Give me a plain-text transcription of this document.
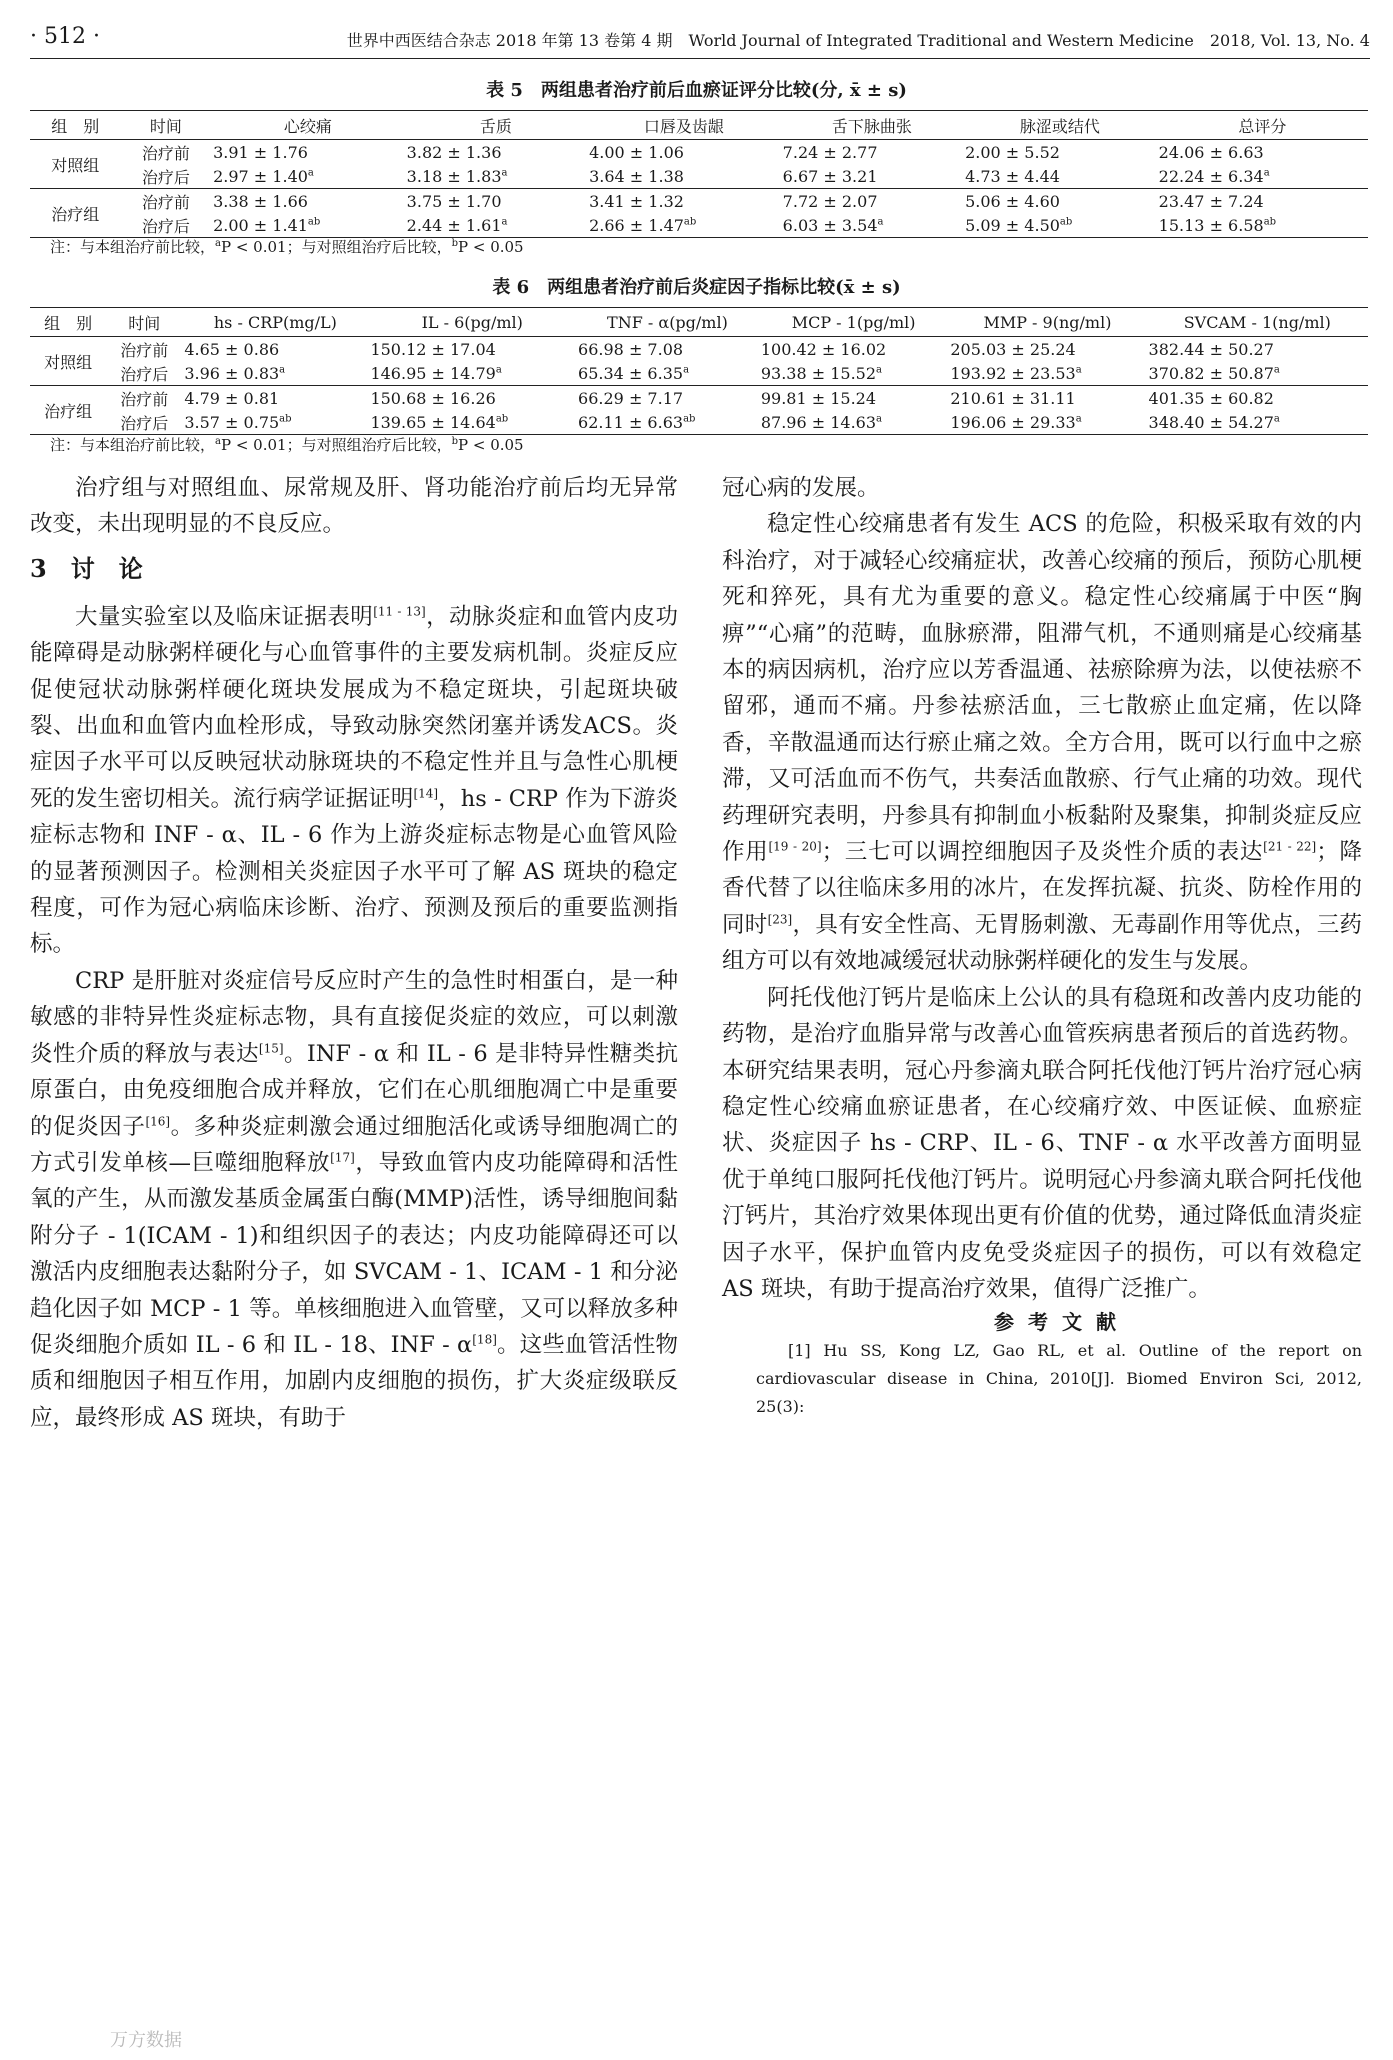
· 512 ·	世界中西医结合杂志 2018 年第 13 卷第 4 期　World Journal of Integrated Traditional and Western Medicine　2018, Vol. 13, No. 4
表 5　两组患者治疗前后血瘀证评分比较(分, x̄ ± s)
组　别	时间	心绞痛	舌质	口唇及齿龈	舌下脉曲张	脉涩或结代	总评分
对照组	治疗前	3.91 ± 1.76	3.82 ± 1.36	4.00 ± 1.06	7.24 ± 2.77	2.00 ± 5.52	24.06 ± 6.63
	治疗后	2.97 ± 1.40$^a$	3.18 ± 1.83$^a$	3.64 ± 1.38	6.67 ± 3.21	4.73 ± 4.44	22.24 ± 6.34$^a$
治疗组	治疗前	3.38 ± 1.66	3.75 ± 1.70	3.41 ± 1.32	7.72 ± 2.07	5.06 ± 4.60	23.47 ± 7.24
	治疗后	2.00 ± 1.41$^{ab}$	2.44 ± 1.61$^a$	2.66 ± 1.47$^{ab}$	6.03 ± 3.54$^a$	5.09 ± 4.50$^{ab}$	15.13 ± 6.58$^{ab}$
注：与本组治疗前比较，$^a$P < 0.01；与对照组治疗后比较，$^b$P < 0.05
表 6　两组患者治疗前后炎症因子指标比较(x̄ ± s)
组　别	时间	hs - CRP(mg/L)	IL - 6(pg/ml)	TNF - α(pg/ml)	MCP - 1(pg/ml)	MMP - 9(ng/ml)	SVCAM - 1(ng/ml)
对照组	治疗前	4.65 ± 0.86	150.12 ± 17.04	66.98 ± 7.08	100.42 ± 16.02	205.03 ± 25.24	382.44 ± 50.27
	治疗后	3.96 ± 0.83$^a$	146.95 ± 14.79$^a$	65.34 ± 6.35$^a$	93.38 ± 15.52$^a$	193.92 ± 23.53$^a$	370.82 ± 50.87$^a$
治疗组	治疗前	4.79 ± 0.81	150.68 ± 16.26	66.29 ± 7.17	99.81 ± 15.24	210.61 ± 31.11	401.35 ± 60.82
	治疗后	3.57 ± 0.75$^{ab}$	139.65 ± 14.64$^{ab}$	62.11 ± 6.63$^{ab}$	87.96 ± 14.63$^a$	196.06 ± 29.33$^a$	348.40 ± 54.27$^a$
注：与本组治疗前比较，$^a$P < 0.01；与对照组治疗后比较，$^b$P < 0.05

治疗组与对照组血、尿常规及肝、肾功能治疗前后均无异常改变，未出现明显的不良反应。

3　讨　论

大量实验室以及临床证据表明[11 - 13]，动脉炎症和血管内皮功能障碍是动脉粥样硬化与心血管事件的主要发病机制。炎症反应促使冠状动脉粥样硬化斑块发展成为不稳定斑块，引起斑块破裂、出血和血管内血栓形成，导致动脉突然闭塞并诱发ACS。炎症因子水平可以反映冠状动脉斑块的不稳定性并且与急性心肌梗死的发生密切相关。流行病学证据证明[14]，hs - CRP 作为下游炎症标志物和 INF - α、IL - 6 作为上游炎症标志物是心血管风险的显著预测因子。检测相关炎症因子水平可了解 AS 斑块的稳定程度，可作为冠心病临床诊断、治疗、预测及预后的重要监测指标。

CRP 是肝脏对炎症信号反应时产生的急性时相蛋白，是一种敏感的非特异性炎症标志物，具有直接促炎症的效应，可以刺激炎性介质的释放与表达[15]。INF - α 和 IL - 6 是非特异性糖类抗原蛋白，由免疫细胞合成并释放，它们在心肌细胞凋亡中是重要的促炎因子[16]。多种炎症刺激会通过细胞活化或诱导细胞凋亡的方式引发单核—巨噬细胞释放[17]，导致血管内皮功能障碍和活性氧的产生，从而激发基质金属蛋白酶(MMP)活性，诱导细胞间黏附分子 - 1(ICAM - 1)和组织因子的表达；内皮功能障碍还可以激活内皮细胞表达黏附分子，如 SVCAM - 1、ICAM - 1 和分泌趋化因子如 MCP - 1 等。单核细胞进入血管壁，又可以释放多种促炎细胞介质如 IL - 6 和 IL - 18、INF - α[18]。这些血管活性物质和细胞因子相互作用，加剧内皮细胞的损伤，扩大炎症级联反应，最终形成 AS 斑块，有助于

冠心病的发展。

稳定性心绞痛患者有发生 ACS 的危险，积极采取有效的内科治疗，对于减轻心绞痛症状，改善心绞痛的预后，预防心肌梗死和猝死，具有尤为重要的意义。稳定性心绞痛属于中医“胸痹”“心痛”的范畴，血脉瘀滞，阻滞气机，不通则痛是心绞痛基本的病因病机，治疗应以芳香温通、祛瘀除痹为法，以使祛瘀不留邪，通而不痛。丹参祛瘀活血，三七散瘀止血定痛，佐以降香，辛散温通而达行瘀止痛之效。全方合用，既可以行血中之瘀滞，又可活血而不伤气，共奏活血散瘀、行气止痛的功效。现代药理研究表明，丹参具有抑制血小板黏附及聚集，抑制炎症反应作用[19 - 20]；三七可以调控细胞因子及炎性介质的表达[21 - 22]；降香代替了以往临床多用的冰片，在发挥抗凝、抗炎、防栓作用的同时[23]，具有安全性高、无胃肠刺激、无毒副作用等优点，三药组方可以有效地减缓冠状动脉粥样硬化的发生与发展。

阿托伐他汀钙片是临床上公认的具有稳斑和改善内皮功能的药物，是治疗血脂异常与改善心血管疾病患者预后的首选药物。本研究结果表明，冠心丹参滴丸联合阿托伐他汀钙片治疗冠心病稳定性心绞痛血瘀证患者，在心绞痛疗效、中医证候、血瘀症状、炎症因子 hs - CRP、IL - 6、TNF - α 水平改善方面明显优于单纯口服阿托伐他汀钙片。说明冠心丹参滴丸联合阿托伐他汀钙片，其治疗效果体现出更有价值的优势，通过降低血清炎症因子水平，保护血管内皮免受炎症因子的损伤，可以有效稳定 AS 斑块，有助于提高治疗效果，值得广泛推广。

参考文献

[1] Hu SS, Kong LZ, Gao RL, et al. Outline of the report on cardiovascular disease in China, 2010[J]. Biomed Environ Sci, 2012, 25(3):

万方数据
